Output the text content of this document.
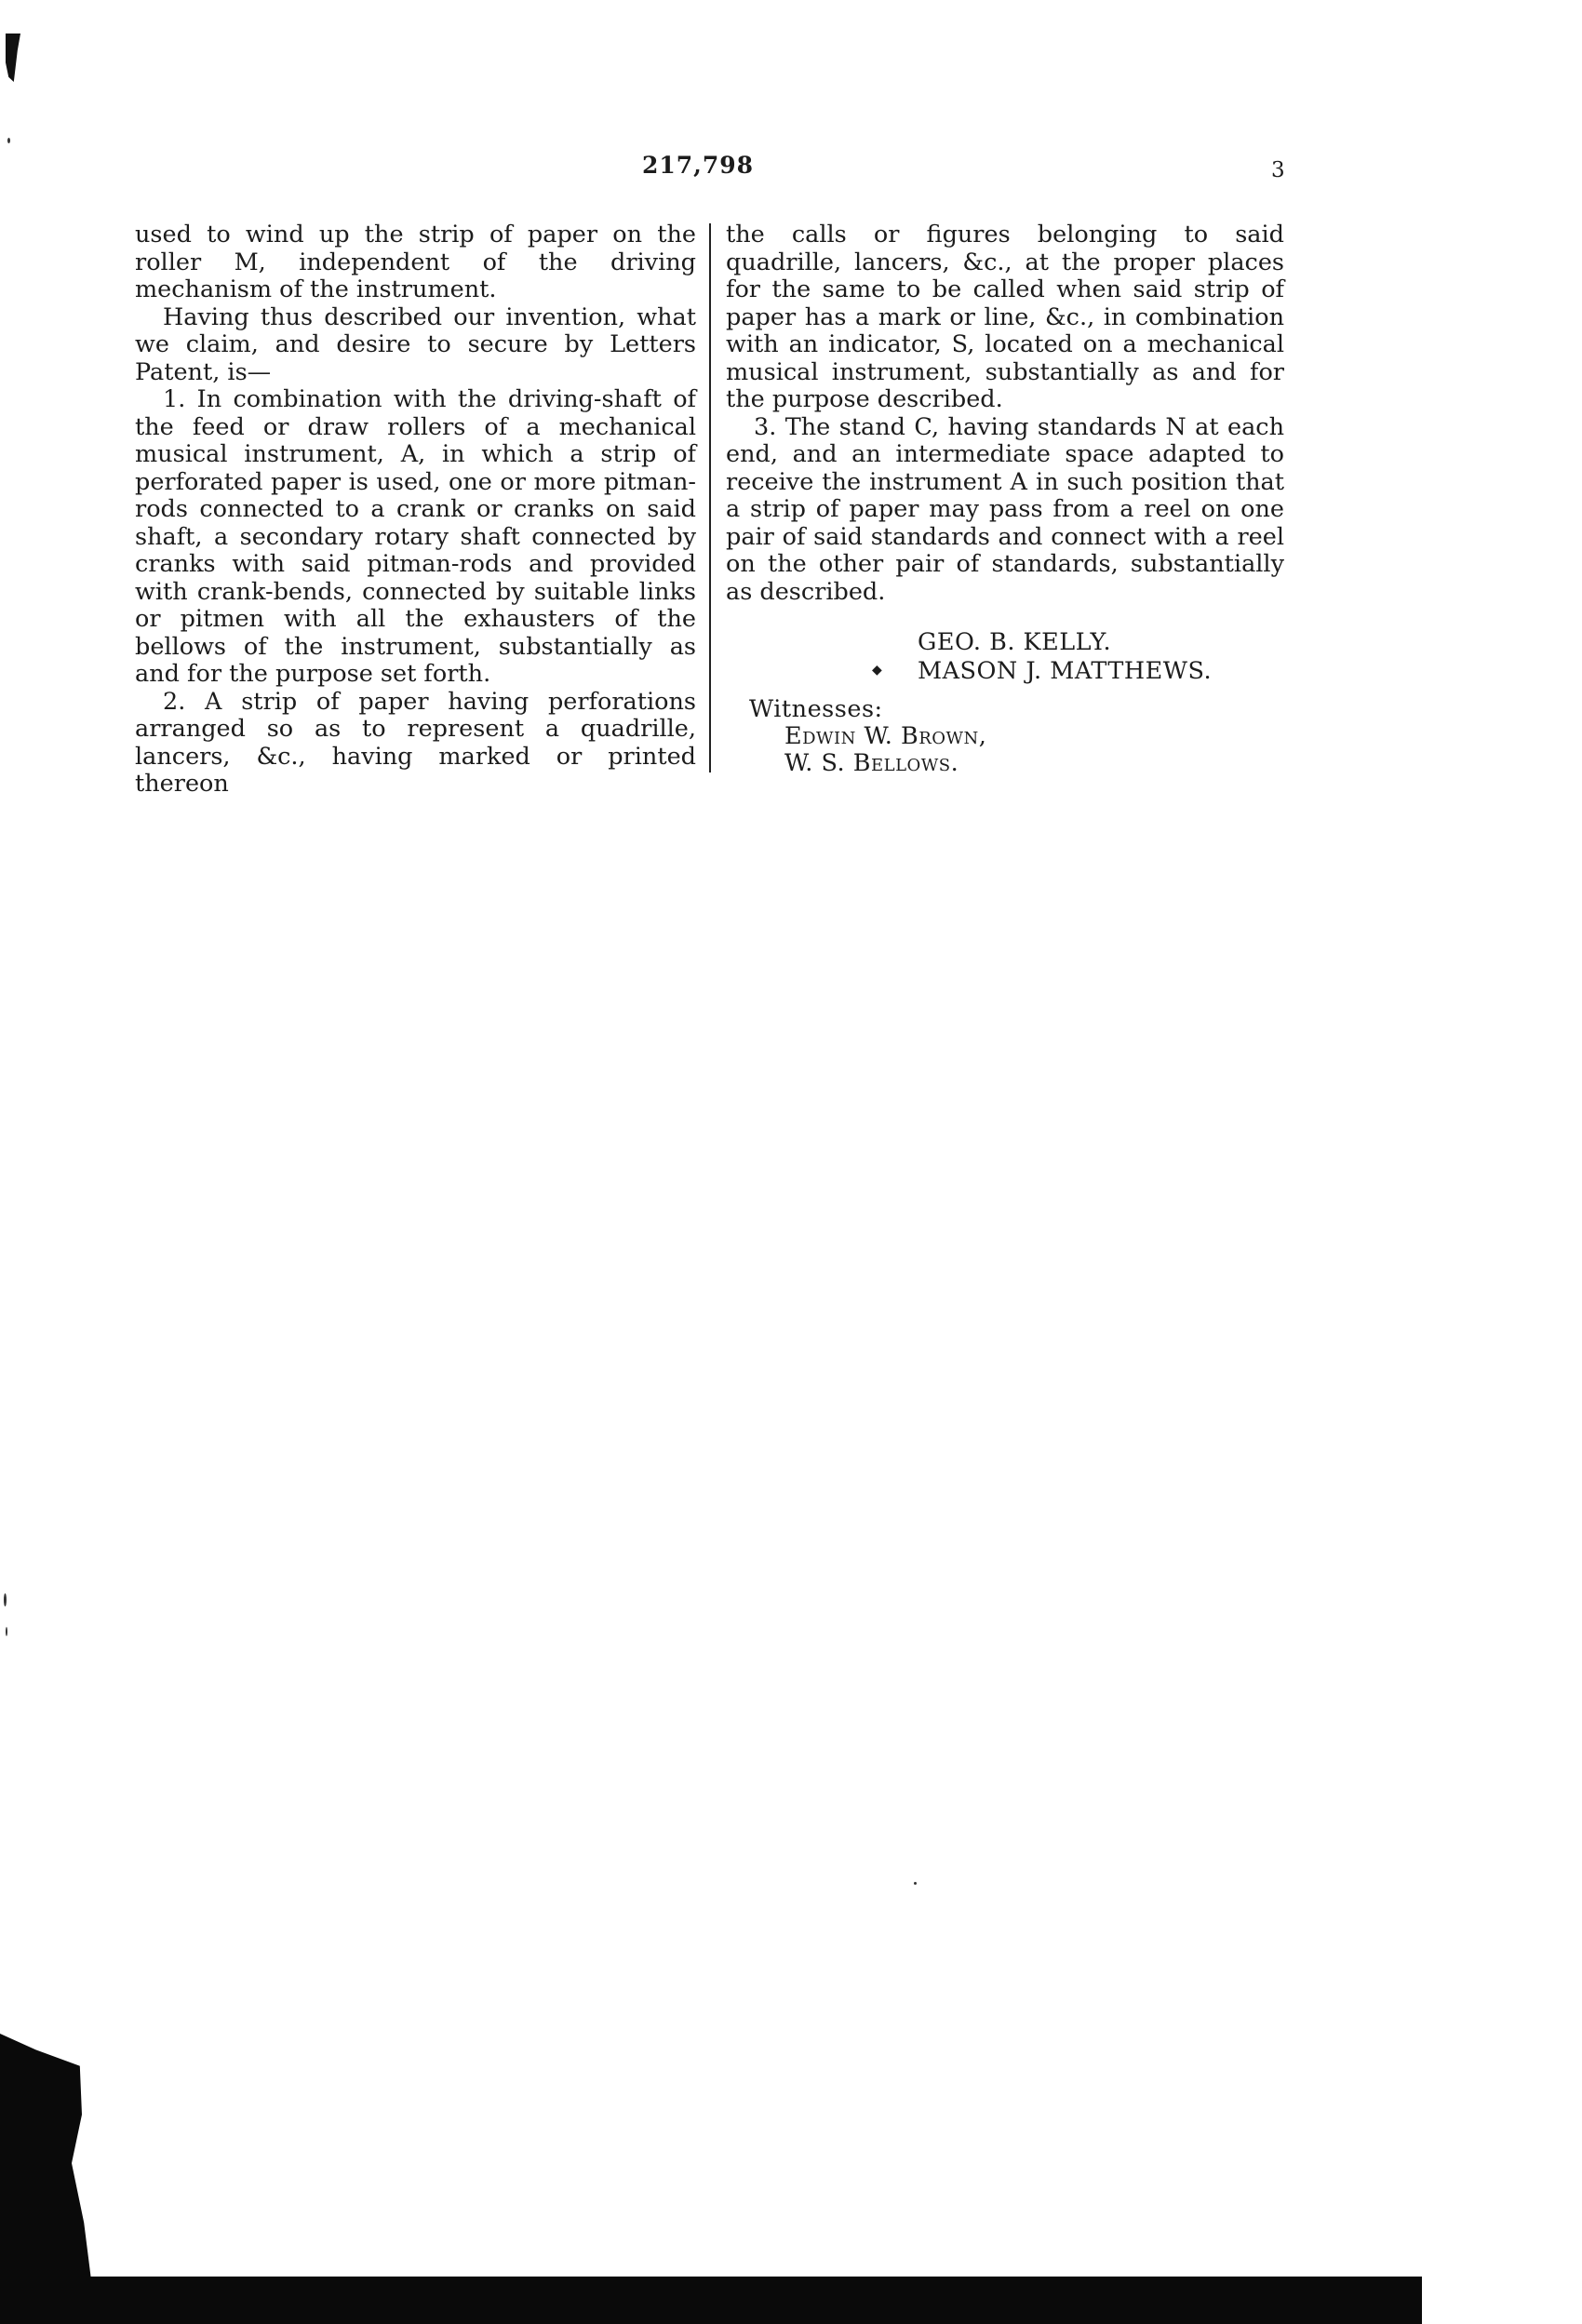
217,798	3

used to wind up the strip of paper on the roller M, independent of the driving mechanism of the instrument.

Having thus described our invention, what we claim, and desire to secure by Letters Patent, is—

1. In combination with the driving-shaft of the feed or draw rollers of a mechanical musical instrument, A, in which a strip of perforated paper is used, one or more pitman-rods connected to a crank or cranks on said shaft, a secondary rotary shaft connected by cranks with said pitman-rods and provided with crank-bends, connected by suitable links or pitmen with all the exhausters of the bellows of the instrument, substantially as and for the purpose set forth.

2. A strip of paper having perforations arranged so as to represent a quadrille, lancers, &c., having marked or printed thereon

the calls or figures belonging to said quadrille, lancers, &c., at the proper places for the same to be called when said strip of paper has a mark or line, &c., in combination with an indicator, S, located on a mechanical musical instrument, substantially as and for the purpose described.

3. The stand C, having standards N at each end, and an intermediate space adapted to receive the instrument A in such position that a strip of paper may pass from a reel on one pair of said standards and connect with a reel on the other pair of standards, substantially as described.

◆
GEO. B. KELLY.
MASON J. MATTHEWS.
Witnesses:
Edwin W. Brown,
W. S. Bellows.
